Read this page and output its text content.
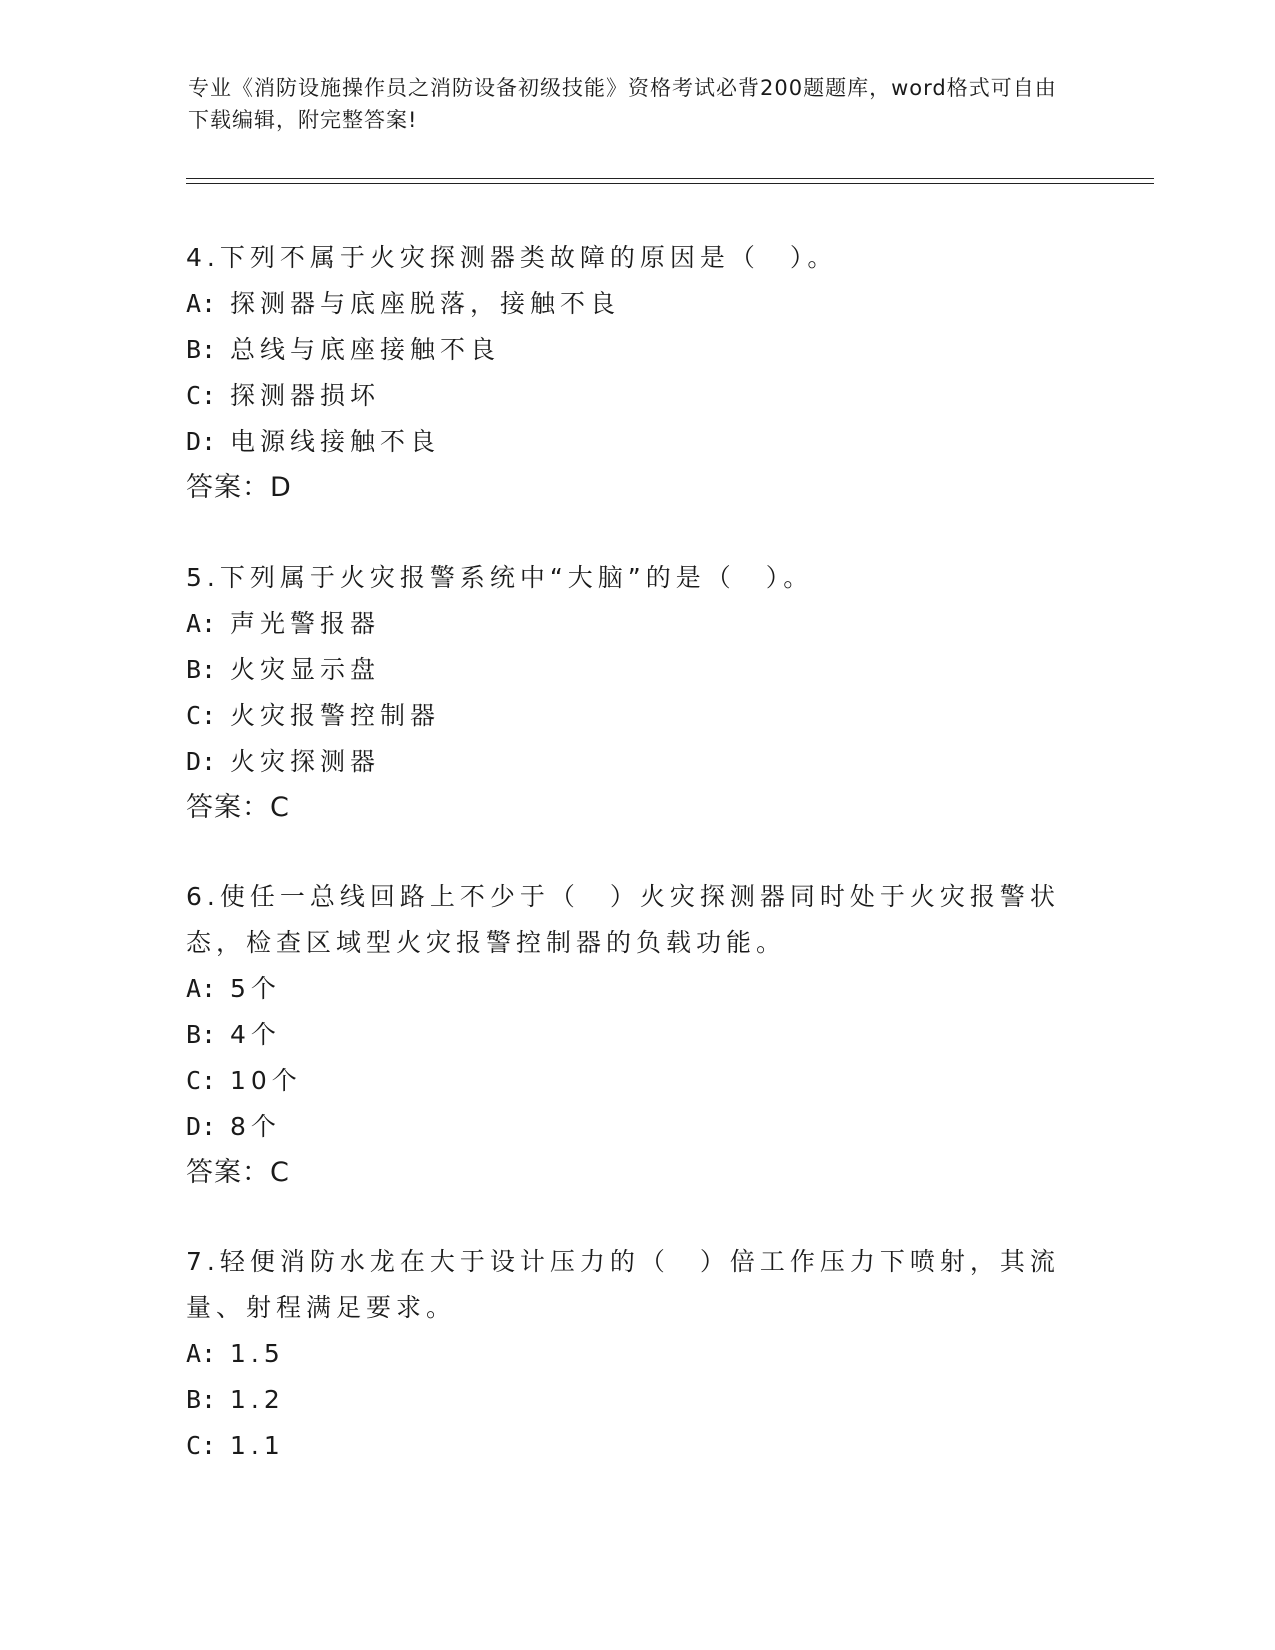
专业《消防设施操作员之消防设备初级技能》资格考试必背200题题库，word格式可自由下载编辑，附完整答案!
4.下列不属于火灾探测器类故障的原因是（　）。
A: 探测器与底座脱落，接触不良
B: 总线与底座接触不良
C: 探测器损坏
D: 电源线接触不良
答案：D
5.下列属于火灾报警系统中“大脑”的是（　）。
A: 声光警报器
B: 火灾显示盘
C: 火灾报警控制器
D: 火灾探测器
答案：C
6.使任一总线回路上不少于（　）火灾探测器同时处于火灾报警状态，检查区域型火灾报警控制器的负载功能。
A: 5个
B: 4个
C: 10个
D: 8个
答案：C
7.轻便消防水龙在大于设计压力的（　）倍工作压力下喷射，其流量、射程满足要求。
A: 1.5
B: 1.2
C: 1.1
